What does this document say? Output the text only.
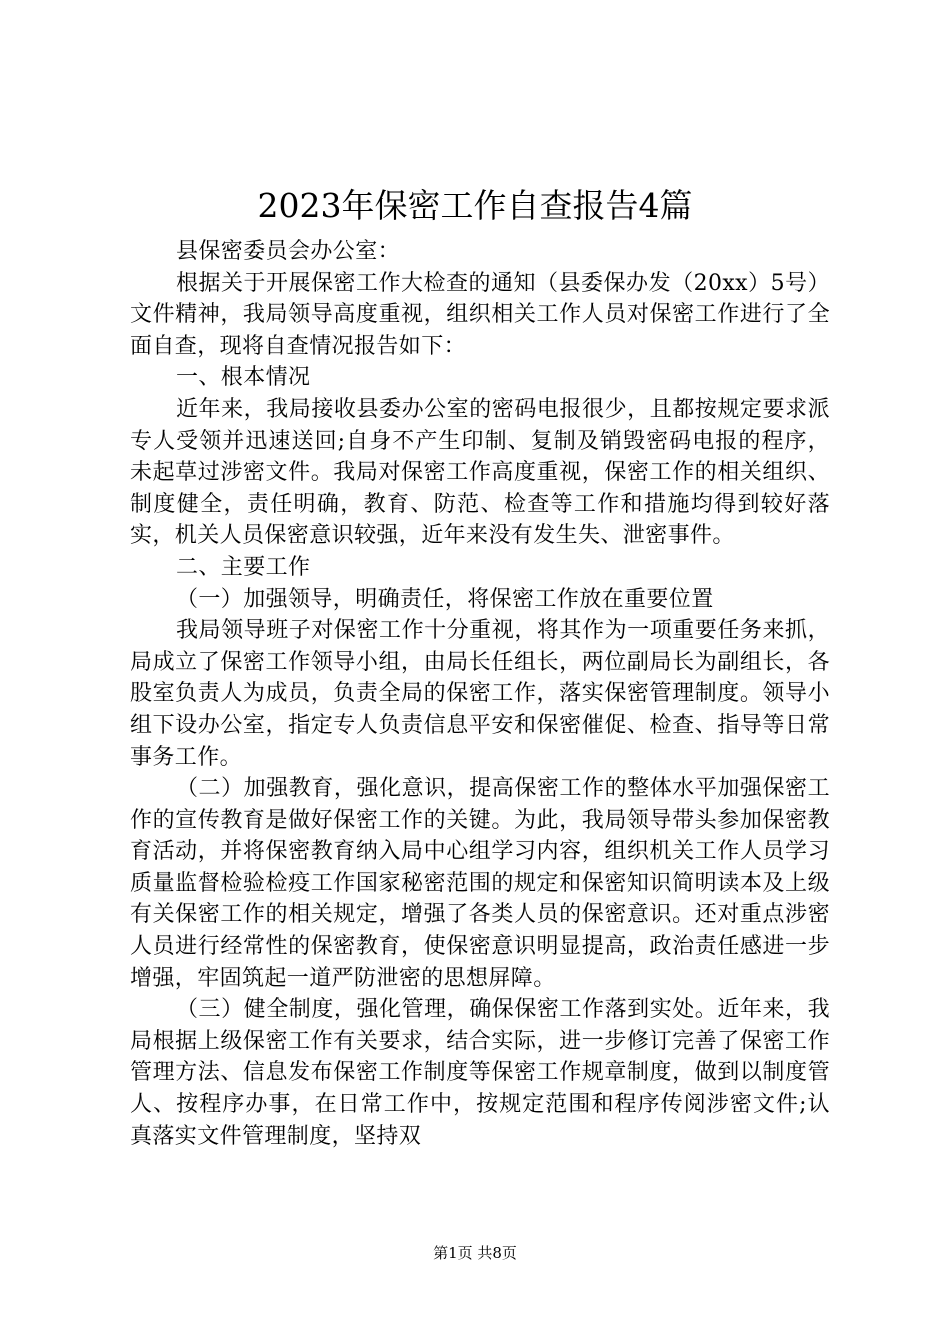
2023年保密工作自查报告4篇

县保密委员会办公室：

根据关于开展保密工作大检查的通知（县委保办发（20xx）5号）文件精神，我局领导高度重视，组织相关工作人员对保密工作进行了全面自查，现将自查情况报告如下：

一、根本情况

近年来，我局接收县委办公室的密码电报很少，且都按规定要求派专人受领并迅速送回;自身不产生印制、复制及销毁密码电报的程序，未起草过涉密文件。我局对保密工作高度重视，保密工作的相关组织、制度健全，责任明确，教育、防范、检查等工作和措施均得到较好落实，机关人员保密意识较强，近年来没有发生失、泄密事件。

二、主要工作

（一）加强领导，明确责任，将保密工作放在重要位置

我局领导班子对保密工作十分重视，将其作为一项重要任务来抓，局成立了保密工作领导小组，由局长任组长，两位副局长为副组长，各股室负责人为成员，负责全局的保密工作，落实保密管理制度。领导小组下设办公室，指定专人负责信息平安和保密催促、检查、指导等日常事务工作。

（二）加强教育，强化意识，提高保密工作的整体水平加强保密工作的宣传教育是做好保密工作的关键。为此，我局领导带头参加保密教育活动，并将保密教育纳入局中心组学习内容，组织机关工作人员学习质量监督检验检疫工作国家秘密范围的规定和保密知识简明读本及上级有关保密工作的相关规定，增强了各类人员的保密意识。还对重点涉密人员进行经常性的保密教育，使保密意识明显提高，政治责任感进一步增强，牢固筑起一道严防泄密的思想屏障。

（三）健全制度，强化管理，确保保密工作落到实处。近年来，我局根据上级保密工作有关要求，结合实际，进一步修订完善了保密工作管理方法、信息发布保密工作制度等保密工作规章制度，做到以制度管人、按程序办事，在日常工作中，按规定范围和程序传阅涉密文件;认真落实文件管理制度，坚持双

第1页 共8页
